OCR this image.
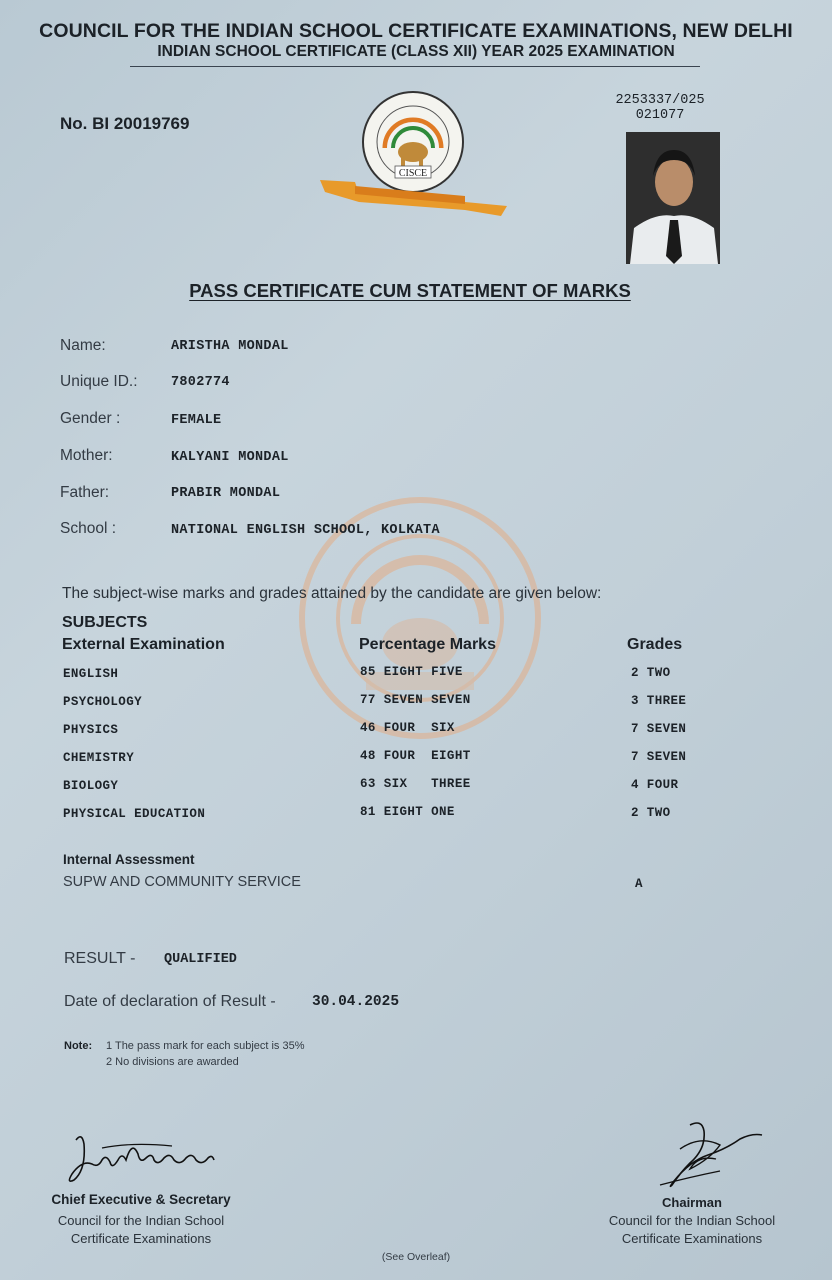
COUNCIL FOR THE INDIAN SCHOOL CERTIFICATE EXAMINATIONS, NEW DELHI
INDIAN SCHOOL CERTIFICATE (CLASS XII) YEAR 2025 EXAMINATION
No. BI 20019769
2253337/025
021077
CISCE
PASS CERTIFICATE CUM STATEMENT OF MARKS
Name:	ARISTHA MONDAL
Unique ID.: 7802774
Gender :	FEMALE
Mother:	KALYANI MONDAL
Father:	PRABIR MONDAL
School :	NATIONAL ENGLISH SCHOOL, KOLKATA
The subject-wise marks and grades attained by the candidate are given below:
SUBJECTS
External Examination	Percentage Marks	Grades
ENGLISH	85 EIGHT FIVE	2 TWO
PSYCHOLOGY	77 SEVEN SEVEN	3 THREE
PHYSICS	46 FOUR  SIX	7 SEVEN
CHEMISTRY	48 FOUR  EIGHT	7 SEVEN
BIOLOGY	63 SIX   THREE	4 FOUR
PHYSICAL EDUCATION	81 EIGHT ONE	2 TWO
Internal Assessment
SUPW AND COMMUNITY SERVICE	A
RESULT - QUALIFIED
Date of declaration of Result -	30.04.2025
Note: 1 The pass mark for each subject is 35%
2 No divisions are awarded
Chief Executive & Secretary
Council for the Indian School
Certificate Examinations
Chairman
Council for the Indian School
Certificate Examinations
(See Overleaf)
